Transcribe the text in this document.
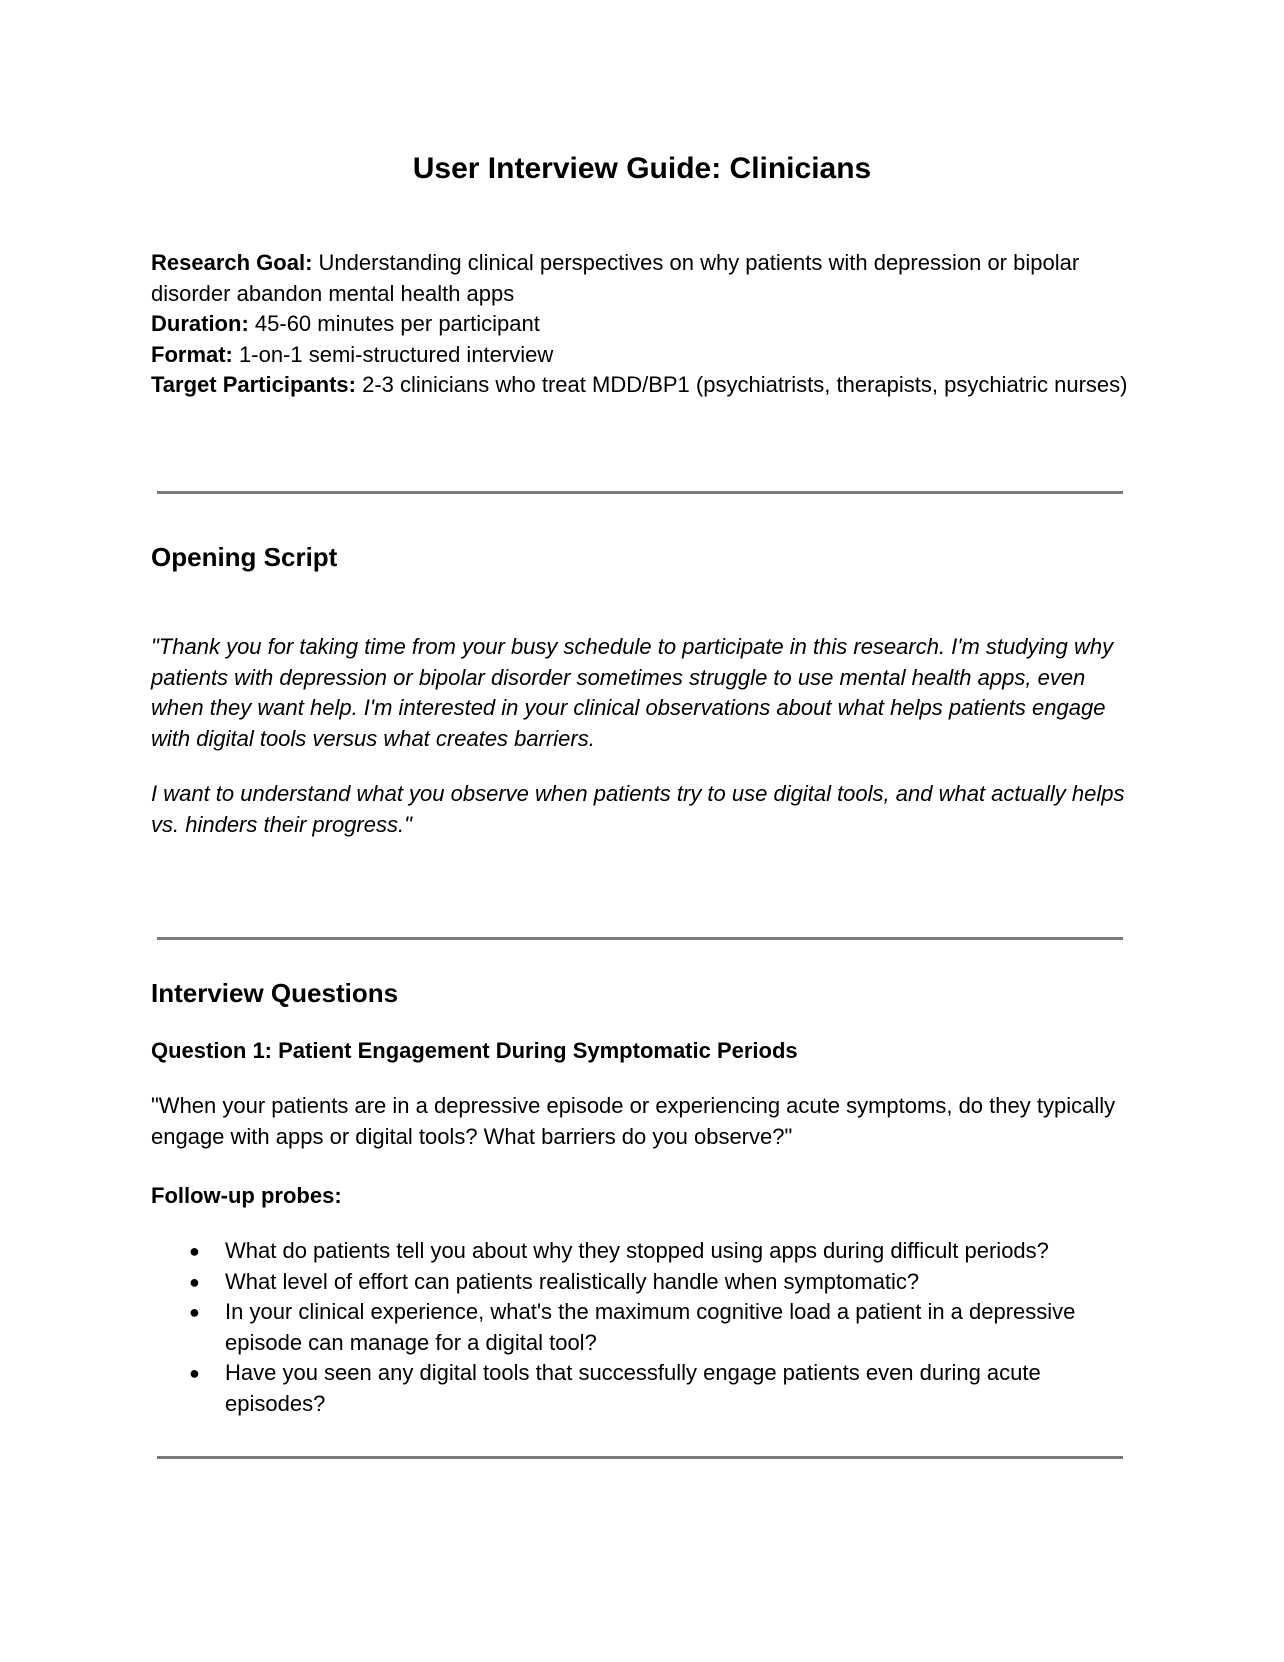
User Interview Guide: Clinicians
Research Goal: Understanding clinical perspectives on why patients with depression or bipolar disorder abandon mental health apps
Duration: 45-60 minutes per participant
Format: 1-on-1 semi-structured interview
Target Participants: 2-3 clinicians who treat MDD/BP1 (psychiatrists, therapists, psychiatric nurses)
Opening Script

"Thank you for taking time from your busy schedule to participate in this research. I'm studying why patients with depression or bipolar disorder sometimes struggle to use mental health apps, even when they want help. I'm interested in your clinical observations about what helps patients engage with digital tools versus what creates barriers.

I want to understand what you observe when patients try to use digital tools, and what actually helps vs. hinders their progress."

Interview Questions
Question 1: Patient Engagement During Symptomatic Periods

"When your patients are in a depressive episode or experiencing acute symptoms, do they typically engage with apps or digital tools? What barriers do you observe?"

Follow-up probes:
● What do patients tell you about why they stopped using apps during difficult periods?
● What level of effort can patients realistically handle when symptomatic?
● In your clinical experience, what's the maximum cognitive load a patient in a depressive episode can manage for a digital tool?
● Have you seen any digital tools that successfully engage patients even during acute episodes?
